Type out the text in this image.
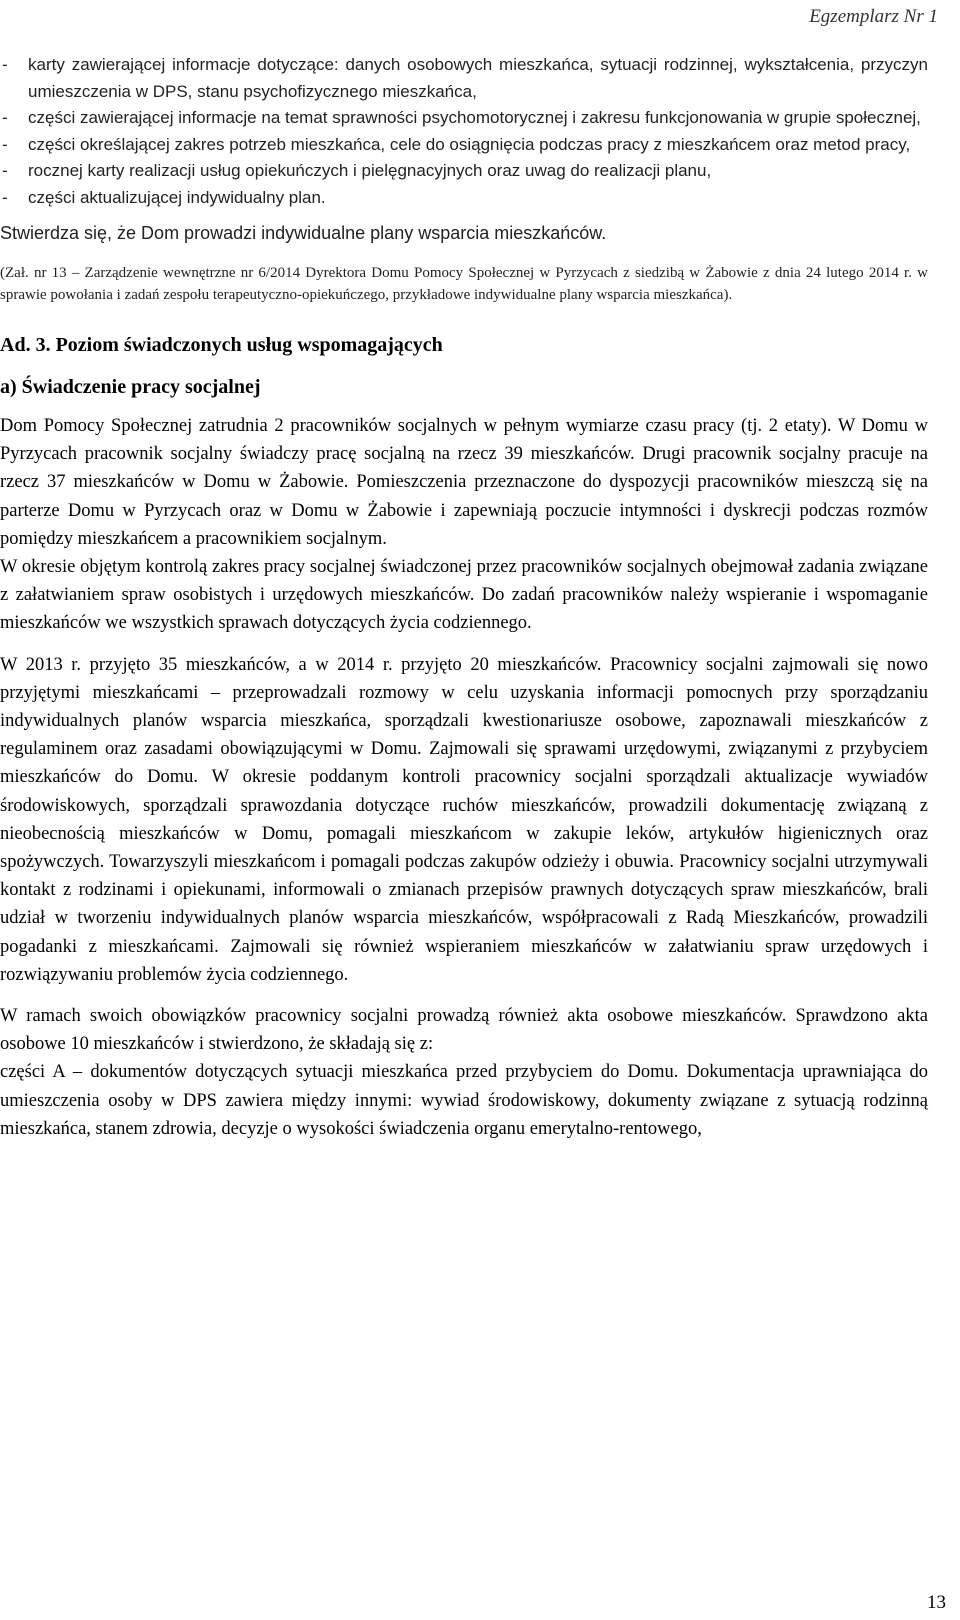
Egzemplarz Nr 1
- karty zawierającej informacje dotyczące: danych osobowych mieszkańca, sytuacji rodzinnej, wykształcenia, przyczyn umieszczenia w DPS, stanu psychofizycznego mieszkańca,
- części zawierającej informacje na temat sprawności psychomotorycznej i zakresu funkcjonowania w grupie społecznej,
- części określającej zakres potrzeb mieszkańca, cele do osiągnięcia podczas pracy z mieszkańcem oraz metod pracy,
- rocznej karty realizacji usług opiekuńczych i pielęgnacyjnych oraz uwag do realizacji planu,
- części aktualizującej indywidualny plan.

Stwierdza się, że Dom prowadzi indywidualne plany wsparcia mieszkańców.

(Zał. nr 13 – Zarządzenie wewnętrzne nr 6/2014 Dyrektora Domu Pomocy Społecznej w Pyrzycach z siedzibą w Żabowie z dnia 24 lutego 2014 r. w sprawie powołania i zadań zespołu terapeutyczno-opiekuńczego, przykładowe indywidualne plany wsparcia mieszkańca).

Ad. 3. Poziom świadczonych usług wspomagających
a) Świadczenie pracy socjalnej

Dom Pomocy Społecznej zatrudnia 2 pracowników socjalnych w pełnym wymiarze czasu pracy (tj. 2 etaty). W Domu w Pyrzycach pracownik socjalny świadczy pracę socjalną na rzecz 39 mieszkańców. Drugi pracownik socjalny pracuje na rzecz 37 mieszkańców w Domu w Żabowie. Pomieszczenia przeznaczone do dyspozycji pracowników mieszczą się na parterze Domu w Pyrzycach oraz w Domu w Żabowie i zapewniają poczucie intymności i dyskrecji podczas rozmów pomiędzy mieszkańcem a pracownikiem socjalnym.

W okresie objętym kontrolą zakres pracy socjalnej świadczonej przez pracowników socjalnych obejmował zadania związane z załatwianiem spraw osobistych i urzędowych mieszkańców. Do zadań pracowników należy wspieranie i wspomaganie mieszkańców we wszystkich sprawach dotyczących życia codziennego.

W 2013 r. przyjęto 35 mieszkańców, a w 2014 r. przyjęto 20 mieszkańców. Pracownicy socjalni zajmowali się nowo przyjętymi mieszkańcami – przeprowadzali rozmowy w celu uzyskania informacji pomocnych przy sporządzaniu indywidualnych planów wsparcia mieszkańca, sporządzali kwestionariusze osobowe, zapoznawali mieszkańców z regulaminem oraz zasadami obowiązującymi w Domu. Zajmowali się sprawami urzędowymi, związanymi z przybyciem mieszkańców do Domu. W okresie poddanym kontroli pracownicy socjalni sporządzali aktualizacje wywiadów środowiskowych, sporządzali sprawozdania dotyczące ruchów mieszkańców, prowadzili dokumentację związaną z nieobecnością mieszkańców w Domu, pomagali mieszkańcom w zakupie leków, artykułów higienicznych oraz spożywczych. Towarzyszyli mieszkańcom i pomagali podczas zakupów odzieży i obuwia. Pracownicy socjalni utrzymywali kontakt z rodzinami i opiekunami, informowali o zmianach przepisów prawnych dotyczących spraw mieszkańców, brali udział w tworzeniu indywidualnych planów wsparcia mieszkańców, współpracowali z Radą Mieszkańców, prowadzili pogadanki z mieszkańcami. Zajmowali się również wspieraniem mieszkańców w załatwianiu spraw urzędowych i rozwiązywaniu problemów życia codziennego.

W ramach swoich obowiązków pracownicy socjalni prowadzą również akta osobowe mieszkańców. Sprawdzono akta osobowe 10 mieszkańców i stwierdzono, że składają się z:

części A – dokumentów dotyczących sytuacji mieszkańca przed przybyciem do Domu. Dokumentacja uprawniająca do umieszczenia osoby w DPS zawiera między innymi: wywiad środowiskowy, dokumenty związane z sytuacją rodzinną mieszkańca, stanem zdrowia, decyzje o wysokości świadczenia organu emerytalno-rentowego,

13
